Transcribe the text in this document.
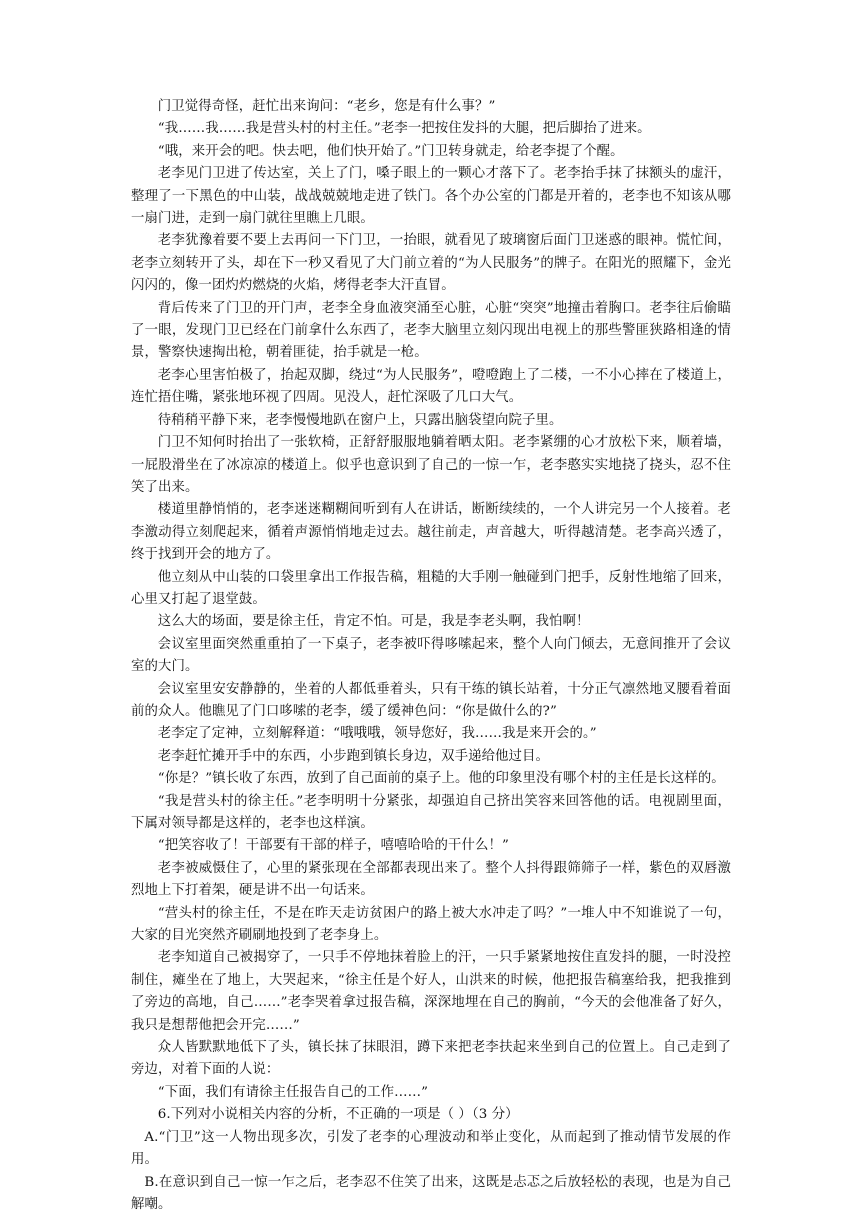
门卫觉得奇怪，赶忙出来询问：“老乡，您是有什么事？”

“我……我……我是营头村的村主任。”老李一把按住发抖的大腿，把后脚抬了进来。

“哦，来开会的吧。快去吧，他们快开始了。”门卫转身就走，给老李提了个醒。

老李见门卫进了传达室，关上了门，嗓子眼上的一颗心才落下了。老李抬手抹了抹额头的虚汗，整理了一下黑色的中山装，战战兢兢地走进了铁门。各个办公室的门都是开着的，老李也不知该从哪一扇门进，走到一扇门就往里瞧上几眼。

老李犹豫着要不要上去再问一下门卫，一抬眼，就看见了玻璃窗后面门卫迷惑的眼神。慌忙间，老李立刻转开了头，却在下一秒又看见了大门前立着的“为人民服务”的牌子。在阳光的照耀下，金光闪闪的，像一团灼灼燃烧的火焰，烤得老李大汗直冒。

背后传来了门卫的开门声，老李全身血液突涌至心脏，心脏“突突”地撞击着胸口。老李往后偷瞄了一眼，发现门卫已经在门前拿什么东西了，老李大脑里立刻闪现出电视上的那些警匪狭路相逢的情景，警察快速掏出枪，朝着匪徒，抬手就是一枪。

老李心里害怕极了，抬起双脚，绕过“为人民服务”，噔噔跑上了二楼，一不小心摔在了楼道上，连忙捂住嘴，紧张地环视了四周。见没人，赶忙深吸了几口大气。

待稍稍平静下来，老李慢慢地趴在窗户上，只露出脑袋望向院子里。

门卫不知何时抬出了一张软椅，正舒舒服服地躺着晒太阳。老李紧绷的心才放松下来，顺着墙，一屁股滑坐在了冰凉凉的楼道上。似乎也意识到了自己的一惊一乍，老李憨实实地挠了挠头，忍不住笑了出来。

楼道里静悄悄的，老李迷迷糊糊间听到有人在讲话，断断续续的，一个人讲完另一个人接着。老李激动得立刻爬起来，循着声源悄悄地走过去。越往前走，声音越大，听得越清楚。老李高兴透了，终于找到开会的地方了。

他立刻从中山装的口袋里拿出工作报告稿，粗糙的大手刚一触碰到门把手，反射性地缩了回来，心里又打起了退堂鼓。

这么大的场面，要是徐主任，肯定不怕。可是，我是李老头啊，我怕啊！

会议室里面突然重重拍了一下桌子，老李被吓得哆嗦起来，整个人向门倾去，无意间推开了会议室的大门。

会议室里安安静静的，坐着的人都低垂着头，只有干练的镇长站着，十分正气凛然地叉腰看着面前的众人。他瞧见了门口哆嗦的老李，缓了缓神色问：“你是做什么的?”

老李定了定神，立刻解释道：“哦哦哦，领导您好，我……我是来开会的。”

老李赶忙摊开手中的东西，小步跑到镇长身边，双手递给他过目。

“你是？”镇长收了东西，放到了自己面前的桌子上。他的印象里没有哪个村的主任是长这样的。

“我是营头村的徐主任。”老李明明十分紧张，却强迫自己挤出笑容来回答他的话。电视剧里面，下属对领导都是这样的，老李也这样演。

“把笑容收了！干部要有干部的样子，嘻嘻哈哈的干什么！”

老李被威慑住了，心里的紧张现在全部都表现出来了。整个人抖得跟筛筛子一样，紫色的双唇激烈地上下打着架，硬是讲不出一句话来。

“营头村的徐主任，不是在昨天走访贫困户的路上被大水冲走了吗？”一堆人中不知谁说了一句，大家的目光突然齐刷刷地投到了老李身上。

老李知道自己被揭穿了，一只手不停地抹着脸上的汗，一只手紧紧地按住直发抖的腿，一时没控制住，瘫坐在了地上，大哭起来，“徐主任是个好人，山洪来的时候，他把报告稿塞给我，把我推到了旁边的高地，自己……”老李哭着拿过报告稿，深深地埋在自己的胸前，“今天的会他准备了好久，我只是想帮他把会开完……”

众人皆默默地低下了头，镇长抹了抹眼泪，蹲下来把老李扶起来坐到自己的位置上。自己走到了旁边，对着下面的人说：

“下面，我们有请徐主任报告自己的工作……”

6.下列对小说相关内容的分析，不正确的一项是（ ）（3 分）

A.“门卫”这一人物出现多次，引发了老李的心理波动和举止变化，从而起到了推动情节发展的作用。

B.在意识到自己一惊一乍之后，老李忍不住笑了出来，这既是忐忑之后放轻松的表现，也是为自己解嘲。
